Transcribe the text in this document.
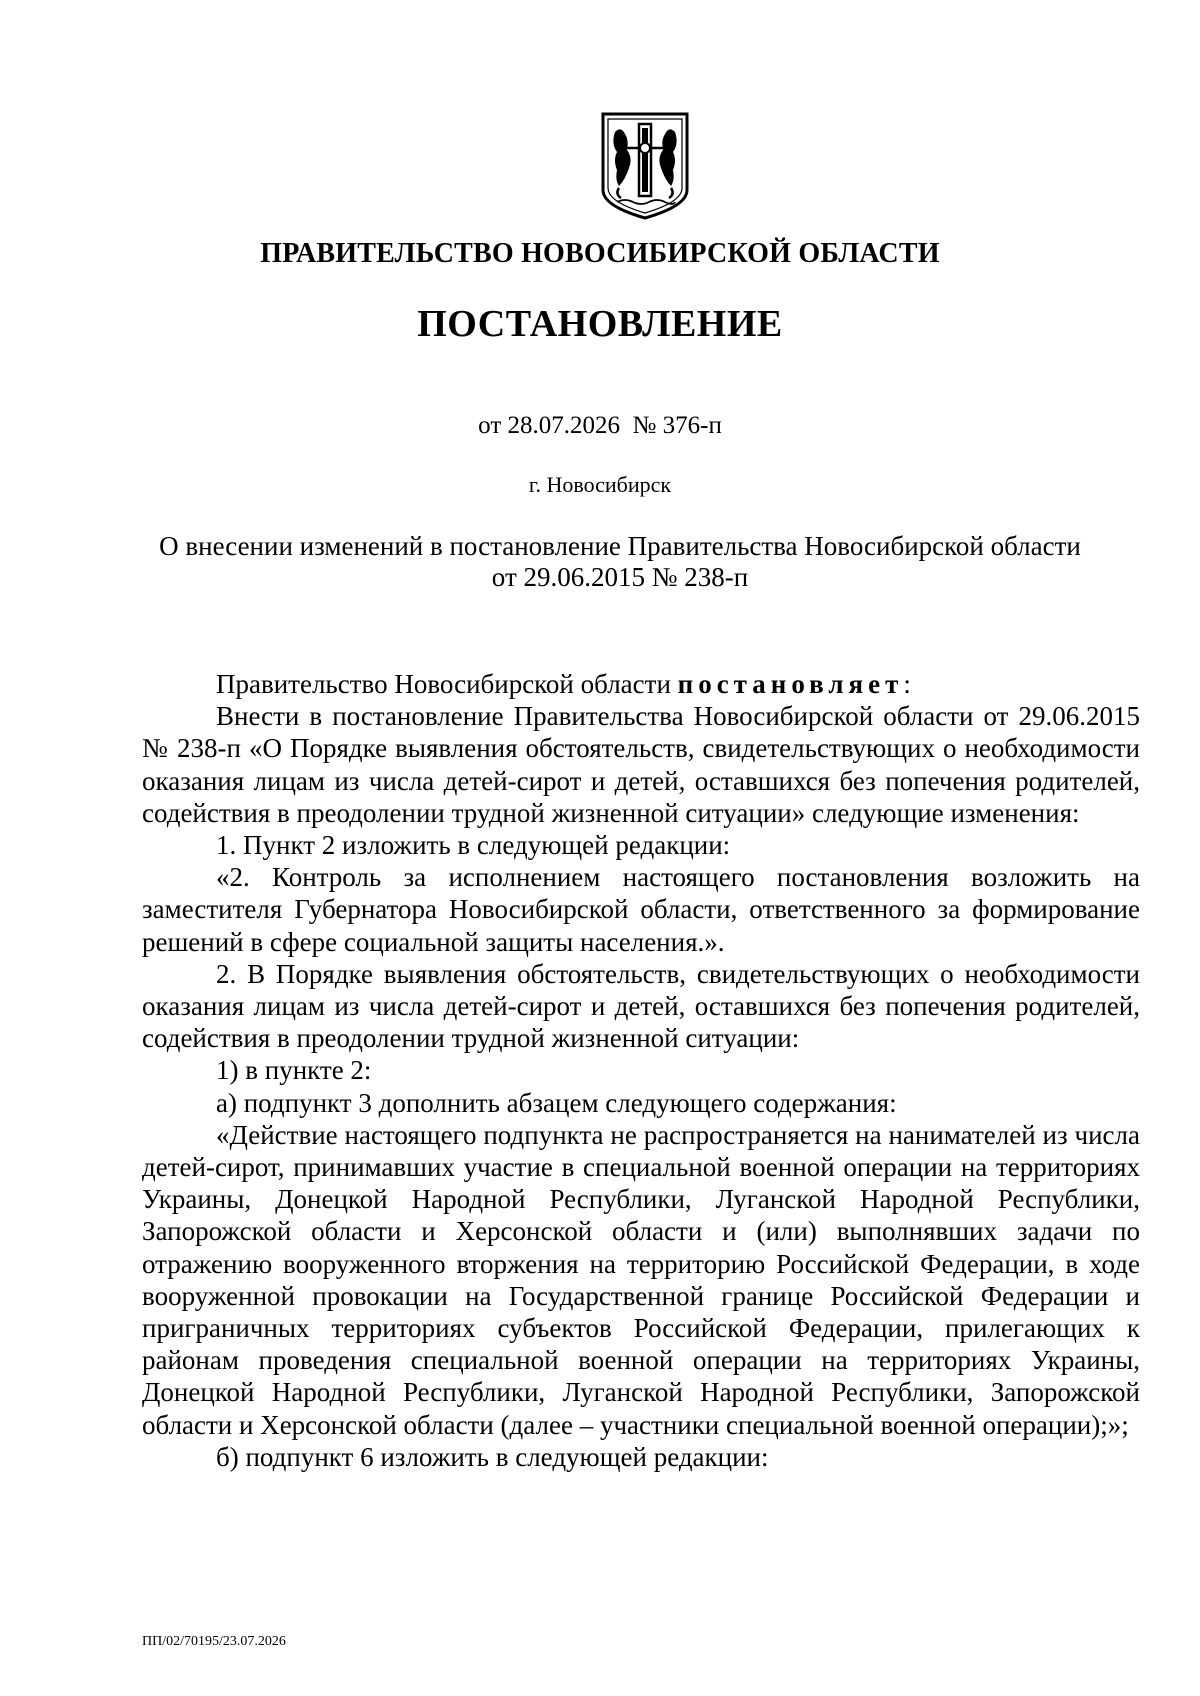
ПРАВИТЕЛЬСТВО НОВОСИБИРСКОЙ ОБЛАСТИ
ПОСТАНОВЛЕНИЕ
от 28.07.2026  № 376-п
г. Новосибирск
О внесении изменений в постановление Правительства Новосибирской области
от 29.06.2015 № 238-п

Правительство Новосибирской области постановляет:

Внести в постановление Правительства Новосибирской области от 29.06.2015 № 238-п «О Порядке выявления обстоятельств, свидетельствующих о необходимости оказания лицам из числа детей-сирот и детей, оставшихся без попечения родителей, содействия в преодолении трудной жизненной ситуации» следующие изменения:

1. Пункт 2 изложить в следующей редакции:

«2. Контроль за исполнением настоящего постановления возложить на заместителя Губернатора Новосибирской области, ответственного за формирование решений в сфере социальной защиты населения.».

2. В Порядке выявления обстоятельств, свидетельствующих о необходимости оказания лицам из числа детей-сирот и детей, оставшихся без попечения родителей, содействия в преодолении трудной жизненной ситуации:

1) в пункте 2:

а) подпункт 3 дополнить абзацем следующего содержания:

«Действие настоящего подпункта не распространяется на нанимателей из числа детей-сирот, принимавших участие в специальной военной операции на территориях Украины, Донецкой Народной Республики, Луганской Народной Республики, Запорожской области и Херсонской области и (или) выполнявших задачи по отражению вооруженного вторжения на территорию Российской Федерации, в ходе вооруженной провокации на Государственной границе Российской Федерации и приграничных территориях субъектов Российской Федерации, прилегающих к районам проведения специальной военной операции на территориях Украины, Донецкой Народной Республики, Луганской Народной Республики, Запорожской области и Херсонской области (далее – участники специальной военной операции);»;

б) подпункт 6 изложить в следующей редакции:

ПП/02/70195/23.07.2026
